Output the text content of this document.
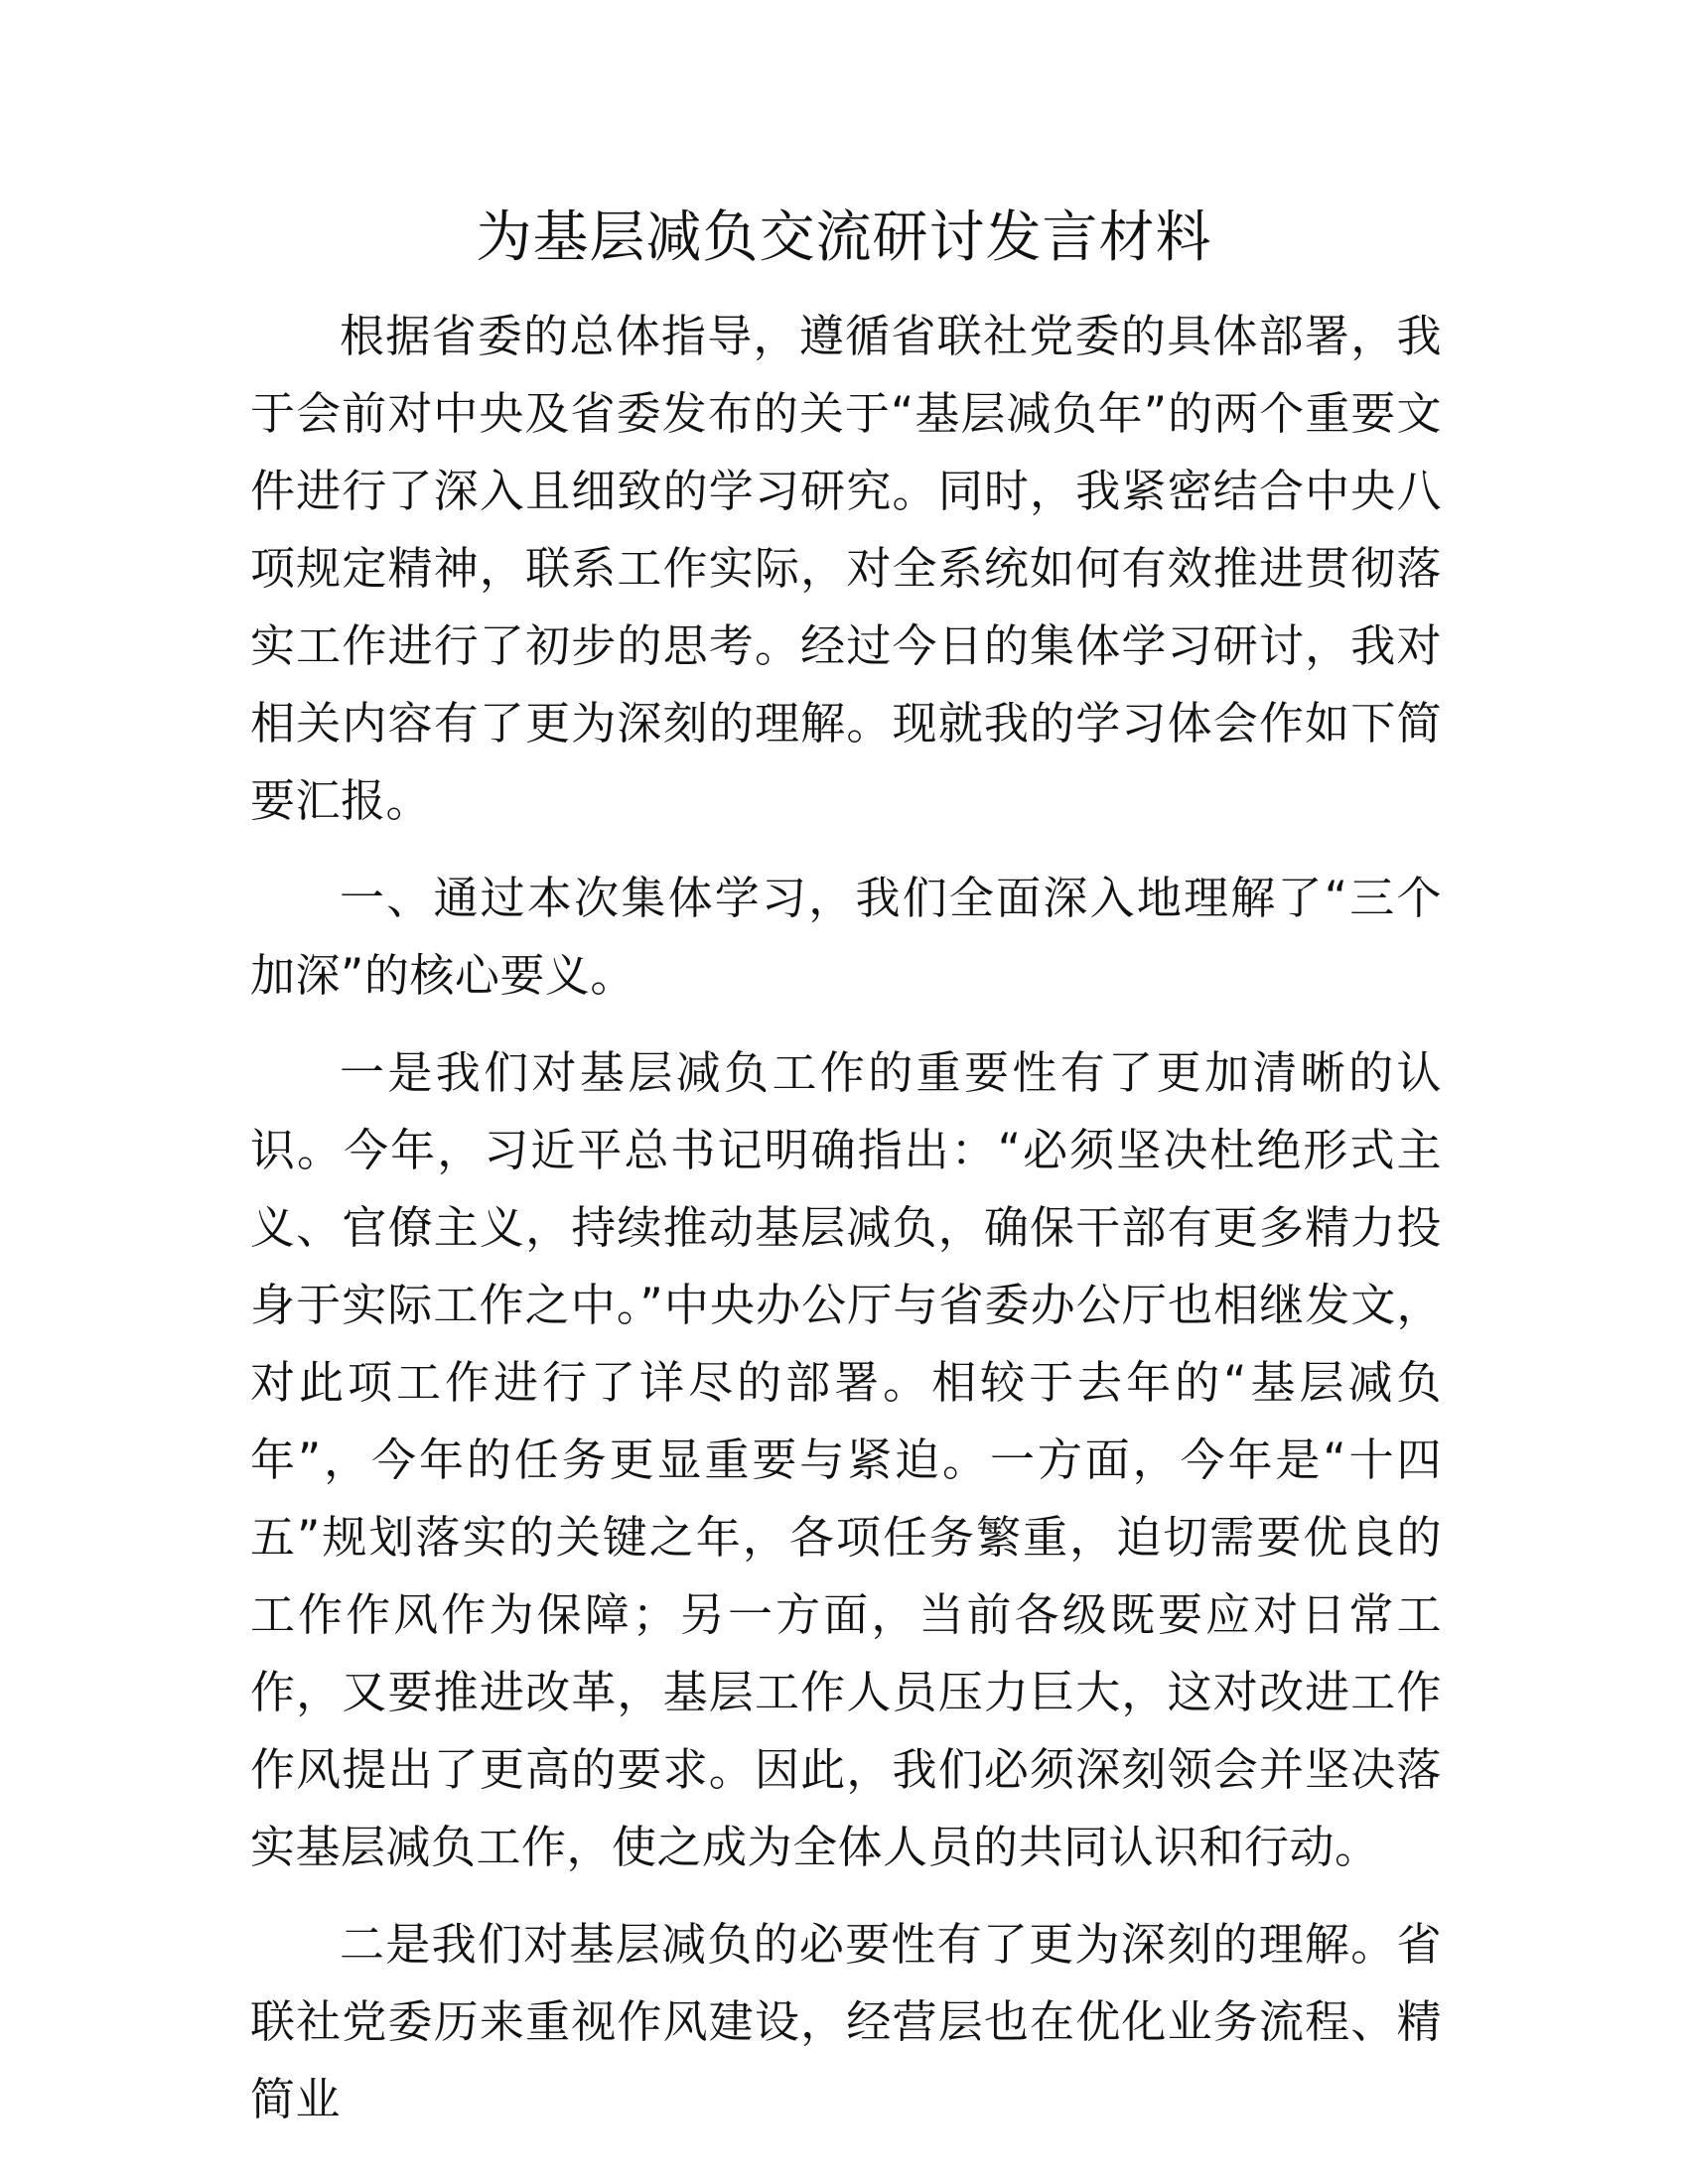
为基层减负交流研讨发言材料

根据省委的总体指导，遵循省联社党委的具体部署，我于会前对中央及省委发布的关于“基层减负年”的两个重要文件进行了深入且细致的学习研究。同时，我紧密结合中央八项规定精神，联系工作实际，对全系统如何有效推进贯彻落实工作进行了初步的思考。经过今日的集体学习研讨，我对相关内容有了更为深刻的理解。现就我的学习体会作如下简要汇报。

一、通过本次集体学习，我们全面深入地理解了“三个加深”的核心要义。

一是我们对基层减负工作的重要性有了更加清晰的认识。今年，习近平总书记明确指出：“必须坚决杜绝形式主义、官僚主义，持续推动基层减负，确保干部有更多精力投身于实际工作之中。”中央办公厅与省委办公厅也相继发文，对此项工作进行了详尽的部署。相较于去年的“基层减负年”，今年的任务更显重要与紧迫。一方面，今年是“十四五”规划落实的关键之年，各项任务繁重，迫切需要优良的工作作风作为保障；另一方面，当前各级既要应对日常工作，又要推进改革，基层工作人员压力巨大，这对改进工作作风提出了更高的要求。因此，我们必须深刻领会并坚决落实基层减负工作，使之成为全体人员的共同认识和行动。

二是我们对基层减负的必要性有了更为深刻的理解。省联社党委历来重视作风建设，经营层也在优化业务流程、精简业
